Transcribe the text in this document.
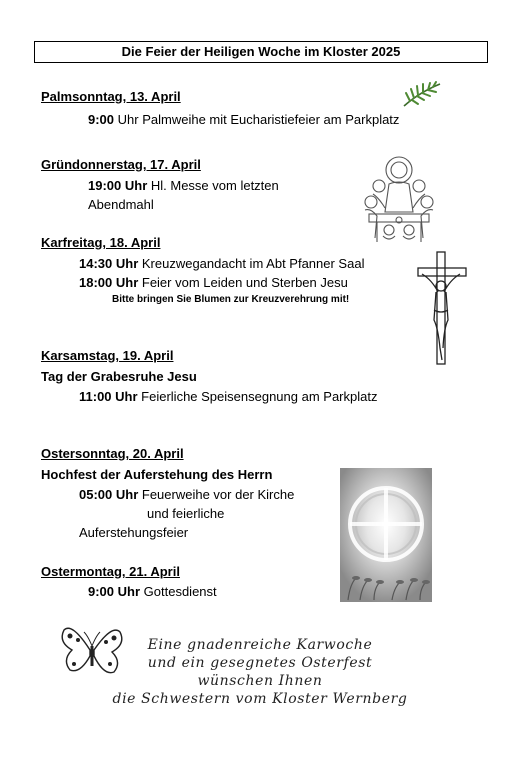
Die Feier der Heiligen Woche im Kloster 2025
Palmsonntag, 13. April
9:00 Uhr Palmweihe mit Eucharistiefeier am Parkplatz
Gründonnerstag, 17. April
19:00 Uhr Hl. Messe vom letzten
Abendmahl
Karfreitag, 18. April
14:30 Uhr Kreuzwegandacht im Abt Pfanner Saal
18:00 Uhr Feier vom Leiden und Sterben Jesu
Bitte bringen Sie Blumen zur Kreuzverehrung mit!
Karsamstag, 19. April
Tag der Grabesruhe Jesu
11:00 Uhr Feierliche Speisensegnung am Parkplatz
Ostersonntag, 20. April
Hochfest der Auferstehung des Herrn
05:00 Uhr Feuerweihe vor der Kirche
und feierliche
Auferstehungsfeier
Ostermontag, 21. April
9:00 Uhr Gottesdienst
Eine gnadenreiche Karwoche
und ein gesegnetes Osterfest
wünschen Ihnen
die Schwestern vom Kloster Wernberg
